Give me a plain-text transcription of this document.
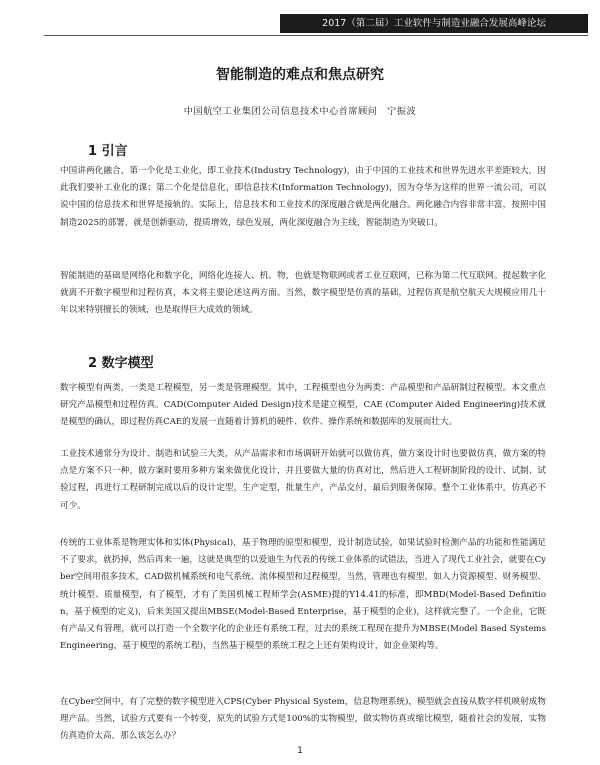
2017（第二届）工业软件与制造业融合发展高峰论坛
智能制造的难点和焦点研究
中国航空工业集团公司信息技术中心首席顾问　宁振波
1 引言

中国讲两化融合，第一个化是工业化，即工业技术(Industry Technology)，由于中国的工业技术和世界先进水平差距较大，因此我们要补工业化的课；第二个化是信息化，即信息技术(Information Technology)，因为夺华为这样的世界一流公司，可以说中国的信息技术和世界是接轨的。实际上，信息技术和工业技术的深度融合就是两化融合。两化融合内容非常丰富，按照中国制造2025的部署，就是创新驱动，提质增效，绿色发展，两化深度融合为主线，智能制造为突破口。

智能制造的基础是网络化和数字化，网络化连接人、机、物，也就是物联网或者工业互联网，已称为第二代互联网。提起数字化就离不开数字模型和过程仿真，本文将主要论述这两方面。当然，数字模型是仿真的基础，过程仿真是航空航天大规模应用几十年以来特别擅长的领域，也是取得巨大成效的领域。

2 数字模型

数字模型有两类，一类是工程模型，另一类是管理模型。其中，工程模型也分为两类：产品模型和产品研制过程模型。本文重点研究产品模型和过程仿真。CAD(Computer Aided Design)技术是建立模型，CAE (Computer Aided Engineering)技术就是模型的确认，即过程仿真CAE的发展一直随着计算机的硬件、软件、操作系统和数据库的发展而壮大。

工业技术通常分为设计、制造和试验三大类，从产品需求和市场调研开始就可以做仿真，做方案设计时也要做仿真，做方案的特点是方案不只一种，做方案时要用多种方案来做优化设计，并且要做大量的仿真对比，然后进入工程研制阶段的设计、试制、试验过程，再进行工程研制完成以后的设计定型，生产定型，批量生产，产品交付，最后到服务保障。整个工业体系中，仿真必不可少。

传统的工业体系是物理实体和实体(Physical)，基于物理的原型和模型，设计制造试验，如果试验时检测产品的功能和性能满足不了要求，就扔掉，然后再来一遍，这就是典型的以爱迪生为代表的传统工业体系的试错法，当进入了现代工业社会，就要在Cyber空间用很多技术，CAD做机械系统和电气系统、流体模型和过程模型，当然，管理也有模型，如人力资源模型、财务模型、统计模型、质量模型，有了模型，才有了美国机械工程师学会(ASME)提的Y14.41的标准，即MBD(Model-Based Definition，基于模型的定义)，后来美国又提出MBSE(Model-Based Enterprise，基于模型的企业)，这样就完整了。一个企业，它既有产品又有管理，就可以打造一个全数字化的企业还有系统工程，过去的系统工程现在提升为MBSE(Model Based Systems Engineering，基于模型的系统工程)，当然基于模型的系统工程之上还有架构设计，如企业架构等。

在Cyber空间中，有了完整的数字模型进入CPS(Cyber Physical System，信息物理系统)，模型就会直接从数字样机映射成物理产品。当然，试验方式要有一个转变，原先的试验方式是100%的实物模型，做实物仿真或缩比模型，随着社会的发展，实物仿真造价太高，那么该怎么办？

1
